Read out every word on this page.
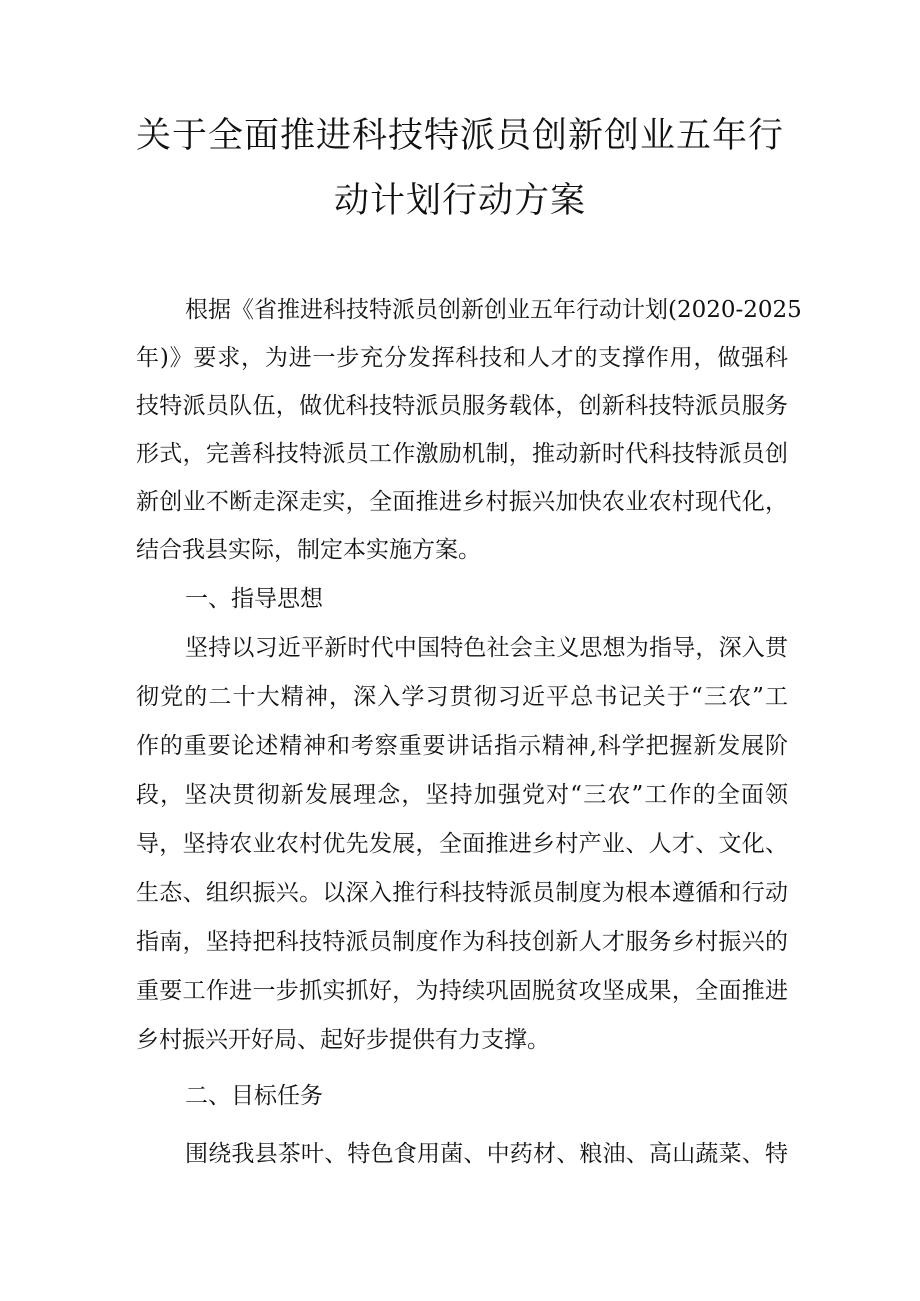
关于全面推进科技特派员创新创业五年行
动计划行动方案
根据《省推进科技特派员创新创业五年行动计划(2020-2025
年)》要求，为进一步充分发挥科技和人才的支撑作用，做强科
技特派员队伍，做优科技特派员服务载体，创新科技特派员服务
形式，完善科技特派员工作激励机制，推动新时代科技特派员创
新创业不断走深走实，全面推进乡村振兴加快农业农村现代化，
结合我县实际，制定本实施方案。
一、指导思想
坚持以习近平新时代中国特色社会主义思想为指导，深入贯
彻党的二十大精神，深入学习贯彻习近平总书记关于“三农”工
作的重要论述精神和考察重要讲话指示精神,科学把握新发展阶
段，坚决贯彻新发展理念，坚持加强党对“三农”工作的全面领
导，坚持农业农村优先发展，全面推进乡村产业、人才、文化、
生态、组织振兴。以深入推行科技特派员制度为根本遵循和行动
指南，坚持把科技特派员制度作为科技创新人才服务乡村振兴的
重要工作进一步抓实抓好，为持续巩固脱贫攻坚成果，全面推进
乡村振兴开好局、起好步提供有力支撑。
二、目标任务
围绕我县茶叶、特色食用菌、中药材、粮油、高山蔬菜、特
